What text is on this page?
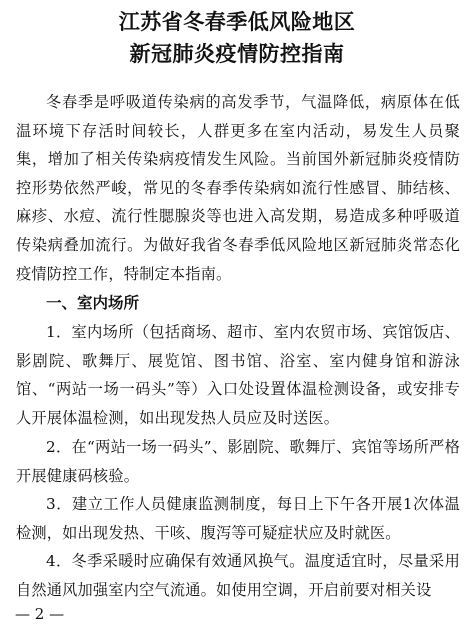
江苏省冬春季低风险地区
新冠肺炎疫情防控指南

冬春季是呼吸道传染病的高发季节，气温降低，病原体在低温环境下存活时间较长，人群更多在室内活动，易发生人员聚集，增加了相关传染病疫情发生风险。当前国外新冠肺炎疫情防控形势依然严峻，常见的冬春季传染病如流行性感冒、肺结核、麻疹、水痘、流行性腮腺炎等也进入高发期，易造成多种呼吸道传染病叠加流行。为做好我省冬春季低风险地区新冠肺炎常态化疫情防控工作，特制定本指南。

一、室内场所

1．室内场所（包括商场、超市、室内农贸市场、宾馆饭店、影剧院、歌舞厅、展览馆、图书馆、浴室、室内健身馆和游泳馆、“两站一场一码头”等）入口处设置体温检测设备，或安排专人开展体温检测，如出现发热人员应及时送医。

2．在“两站一场一码头”、影剧院、歌舞厅、宾馆等场所严格开展健康码核验。

3．建立工作人员健康监测制度，每日上下午各开展1次体温检测，如出现发热、干咳、腹泻等可疑症状应及时就医。

4．冬季采暖时应确保有效通风换气。温度适宜时，尽量采用自然通风加强室内空气流通。如使用空调，开启前要对相关设

— 2 —
